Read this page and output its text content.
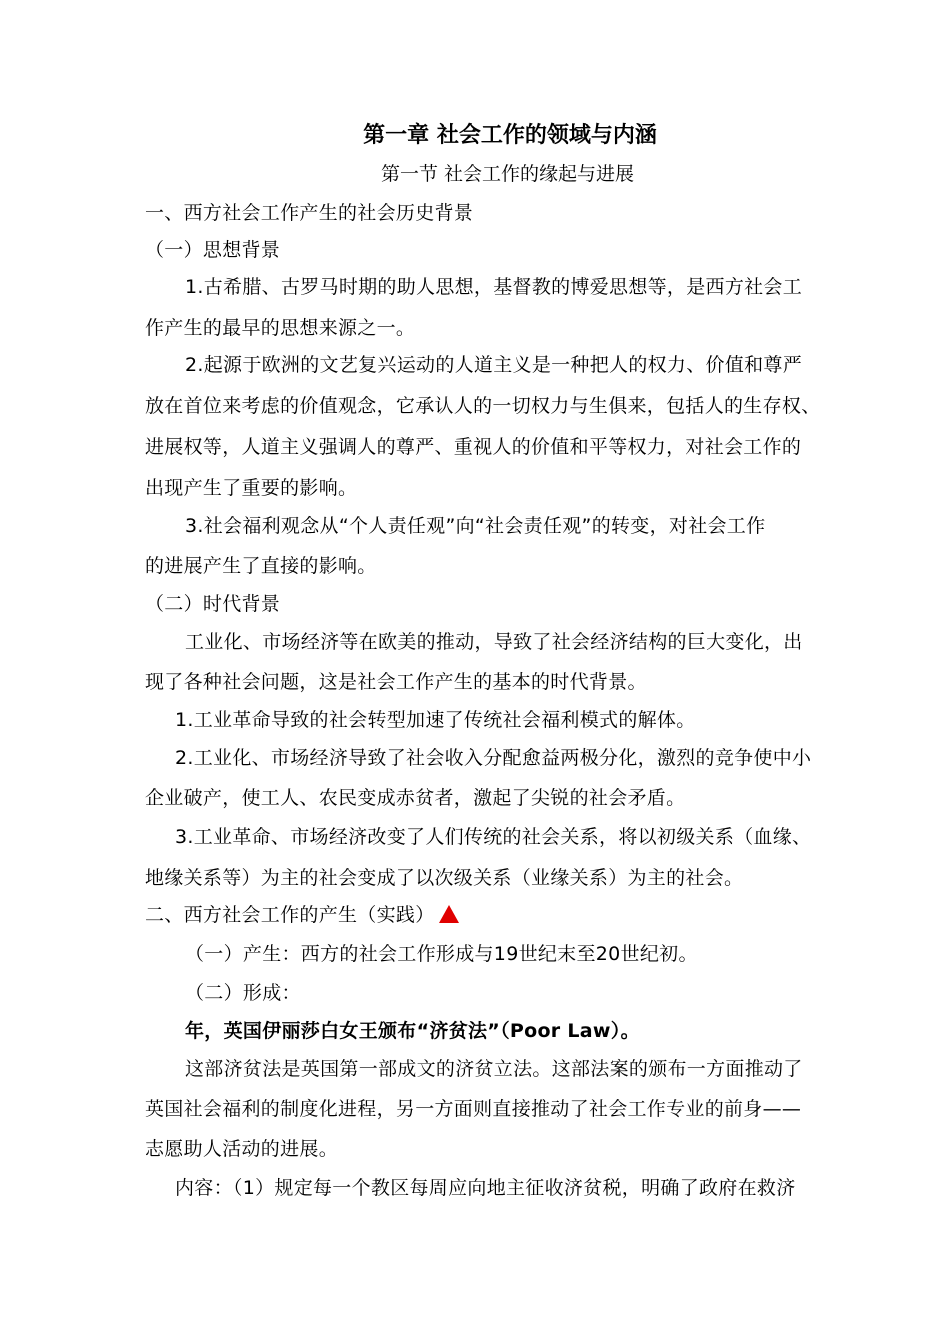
第一章 社会工作的领域与内涵
第一节 社会工作的缘起与进展
一、西方社会工作产生的社会历史背景
（一）思想背景
1.古希腊、古罗马时期的助人思想，基督教的博爱思想等，是西方社会工
作产生的最早的思想来源之一。
2.起源于欧洲的文艺复兴运动的人道主义是一种把人的权力、价值和尊严
放在首位来考虑的价值观念，它承认人的一切权力与生俱来，包括人的生存权、
进展权等，人道主义强调人的尊严、重视人的价值和平等权力，对社会工作的
出现产生了重要的影响。
3.社会福利观念从“个人责任观”向“社会责任观”的转变，对社会工作
的进展产生了直接的影响。
（二）时代背景
工业化、市场经济等在欧美的推动，导致了社会经济结构的巨大变化，出
现了各种社会问题，这是社会工作产生的基本的时代背景。
1.工业革命导致的社会转型加速了传统社会福利模式的解体。
2.工业化、市场经济导致了社会收入分配愈益两极分化，激烈的竞争使中小
企业破产，使工人、农民变成赤贫者，激起了尖锐的社会矛盾。
3.工业革命、市场经济改变了人们传统的社会关系，将以初级关系（血缘、
地缘关系等）为主的社会变成了以次级关系（业缘关系）为主的社会。
二、西方社会工作的产生（实践）
（一）产生：西方的社会工作形成与19世纪末至20世纪初。
（二）形成：
年，英国伊丽莎白女王颁布“济贫法”（Poor Law）。
这部济贫法是英国第一部成文的济贫立法。这部法案的颁布一方面推动了
英国社会福利的制度化进程，另一方面则直接推动了社会工作专业的前身——
志愿助人活动的进展。
内容：（1）规定每一个教区每周应向地主征收济贫税，明确了政府在救济
